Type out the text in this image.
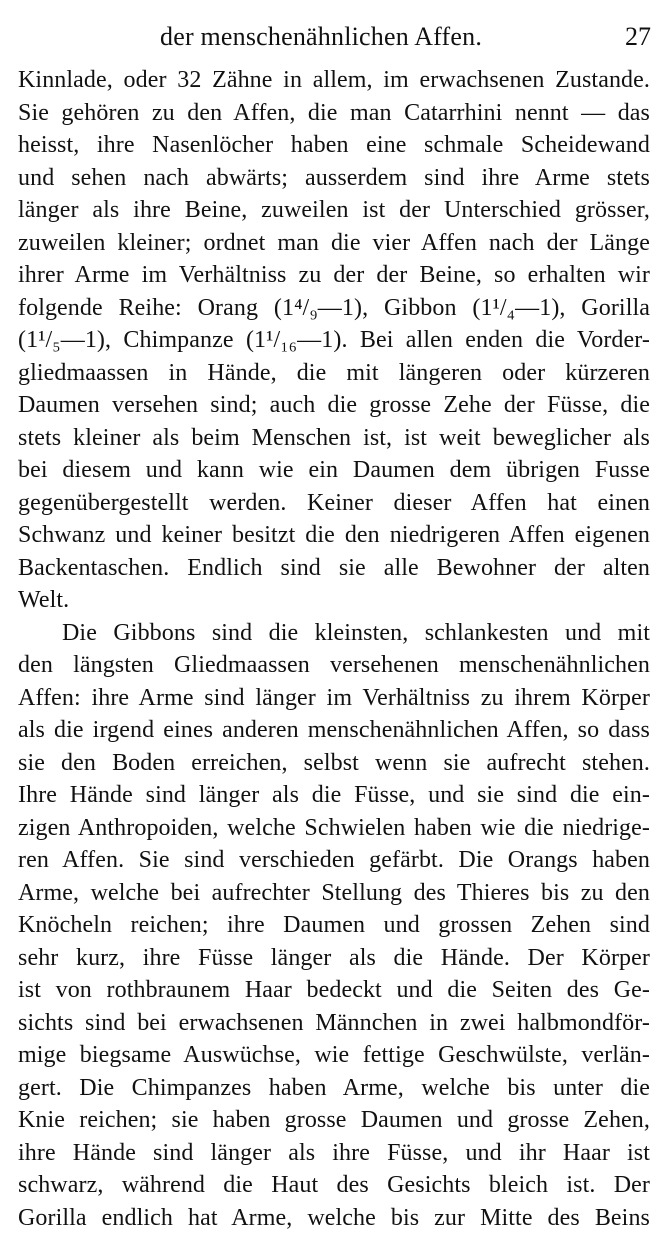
der menschenähnlichen Affen.	27
Kinnlade, oder 32 Zähne in allem, im erwachsenen Zustande.
Sie gehören zu den Affen, die man Catarrhini nennt — das
heisst, ihre Nasenlöcher haben eine schmale Scheidewand
und sehen nach abwärts; ausserdem sind ihre Arme stets
länger als ihre Beine, zuweilen ist der Unterschied grösser,
zuweilen kleiner; ordnet man die vier Affen nach der Länge
ihrer Arme im Verhältniss zu der der Beine, so erhalten wir
folgende Reihe: Orang (1⁴/₉—1), Gibbon (1¹/₄—1), Gorilla
(1¹/₅—1), Chimpanze (1¹/₁₆—1). Bei allen enden die Vorder-
gliedmaassen in Hände, die mit längeren oder kürzeren
Daumen versehen sind; auch die grosse Zehe der Füsse, die
stets kleiner als beim Menschen ist, ist weit beweglicher als
bei diesem und kann wie ein Daumen dem übrigen Fusse
gegenübergestellt werden. Keiner dieser Affen hat einen
Schwanz und keiner besitzt die den niedrigeren Affen eigenen
Backentaschen. Endlich sind sie alle Bewohner der alten
Welt.
Die Gibbons sind die kleinsten, schlankesten und mit
den längsten Gliedmaassen versehenen menschenähnlichen
Affen: ihre Arme sind länger im Verhältniss zu ihrem Körper
als die irgend eines anderen menschenähnlichen Affen, so dass
sie den Boden erreichen, selbst wenn sie aufrecht stehen.
Ihre Hände sind länger als die Füsse, und sie sind die ein-
zigen Anthropoiden, welche Schwielen haben wie die niedrige-
ren Affen. Sie sind verschieden gefärbt. Die Orangs haben
Arme, welche bei aufrechter Stellung des Thieres bis zu den
Knöcheln reichen; ihre Daumen und grossen Zehen sind
sehr kurz, ihre Füsse länger als die Hände. Der Körper
ist von rothbraunem Haar bedeckt und die Seiten des Ge-
sichts sind bei erwachsenen Männchen in zwei halbmondför-
mige biegsame Auswüchse, wie fettige Geschwülste, verlän-
gert. Die Chimpanzes haben Arme, welche bis unter die
Knie reichen; sie haben grosse Daumen und grosse Zehen,
ihre Hände sind länger als ihre Füsse, und ihr Haar ist
schwarz, während die Haut des Gesichts bleich ist. Der
Gorilla endlich hat Arme, welche bis zur Mitte des Beins
